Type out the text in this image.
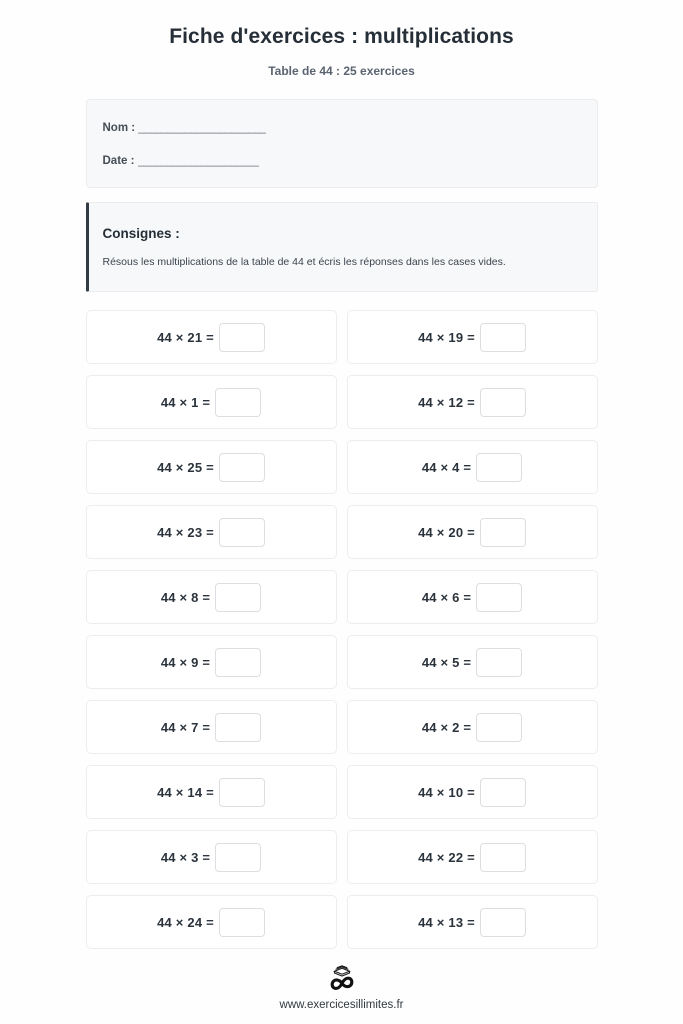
Fiche d'exercices : multiplications
Table de 44 : 25 exercices
Nom : ______________________
Date : _____________________
Consignes :

Résous les multiplications de la table de 44 et écris les réponses dans les cases vides.

44 × 21 =	44 × 19 =
44 × 1 =	44 × 12 =
44 × 25 =	44 × 4 =
44 × 23 =	44 × 20 =
44 × 8 =	44 × 6 =
44 × 9 =	44 × 5 =
44 × 7 =	44 × 2 =
44 × 14 =	44 × 10 =
44 × 3 =	44 × 22 =
44 × 24 =	44 × 13 =
www.exercicesillimites.fr
